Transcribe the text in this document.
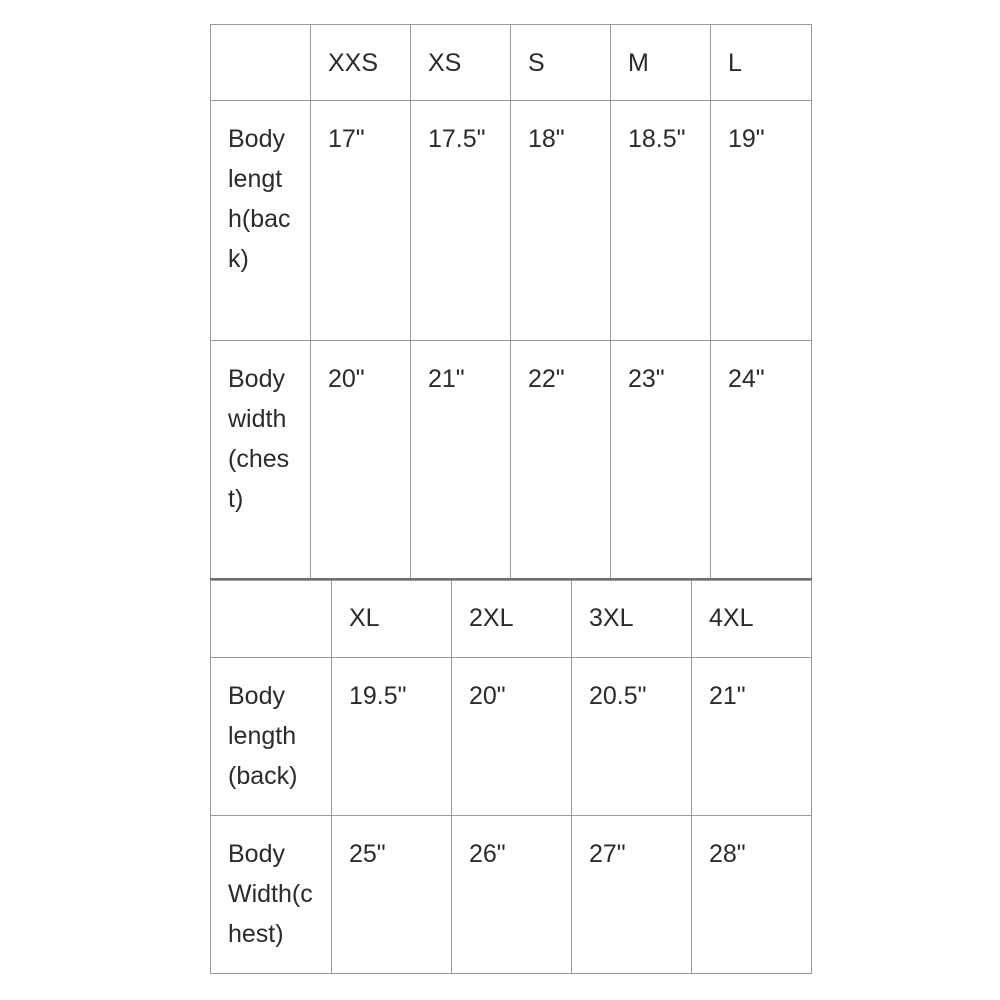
	XXS	XS	S	M	L
Body length(back)	17"	17.5"	18"	18.5"	19"
Body width(chest)	20"	21"	22"	23"	24"
	XL	2XL	3XL	4XL
Body length (back)	19.5"	20"	20.5"	21"
Body Width(chest)	25"	26"	27"	28"
